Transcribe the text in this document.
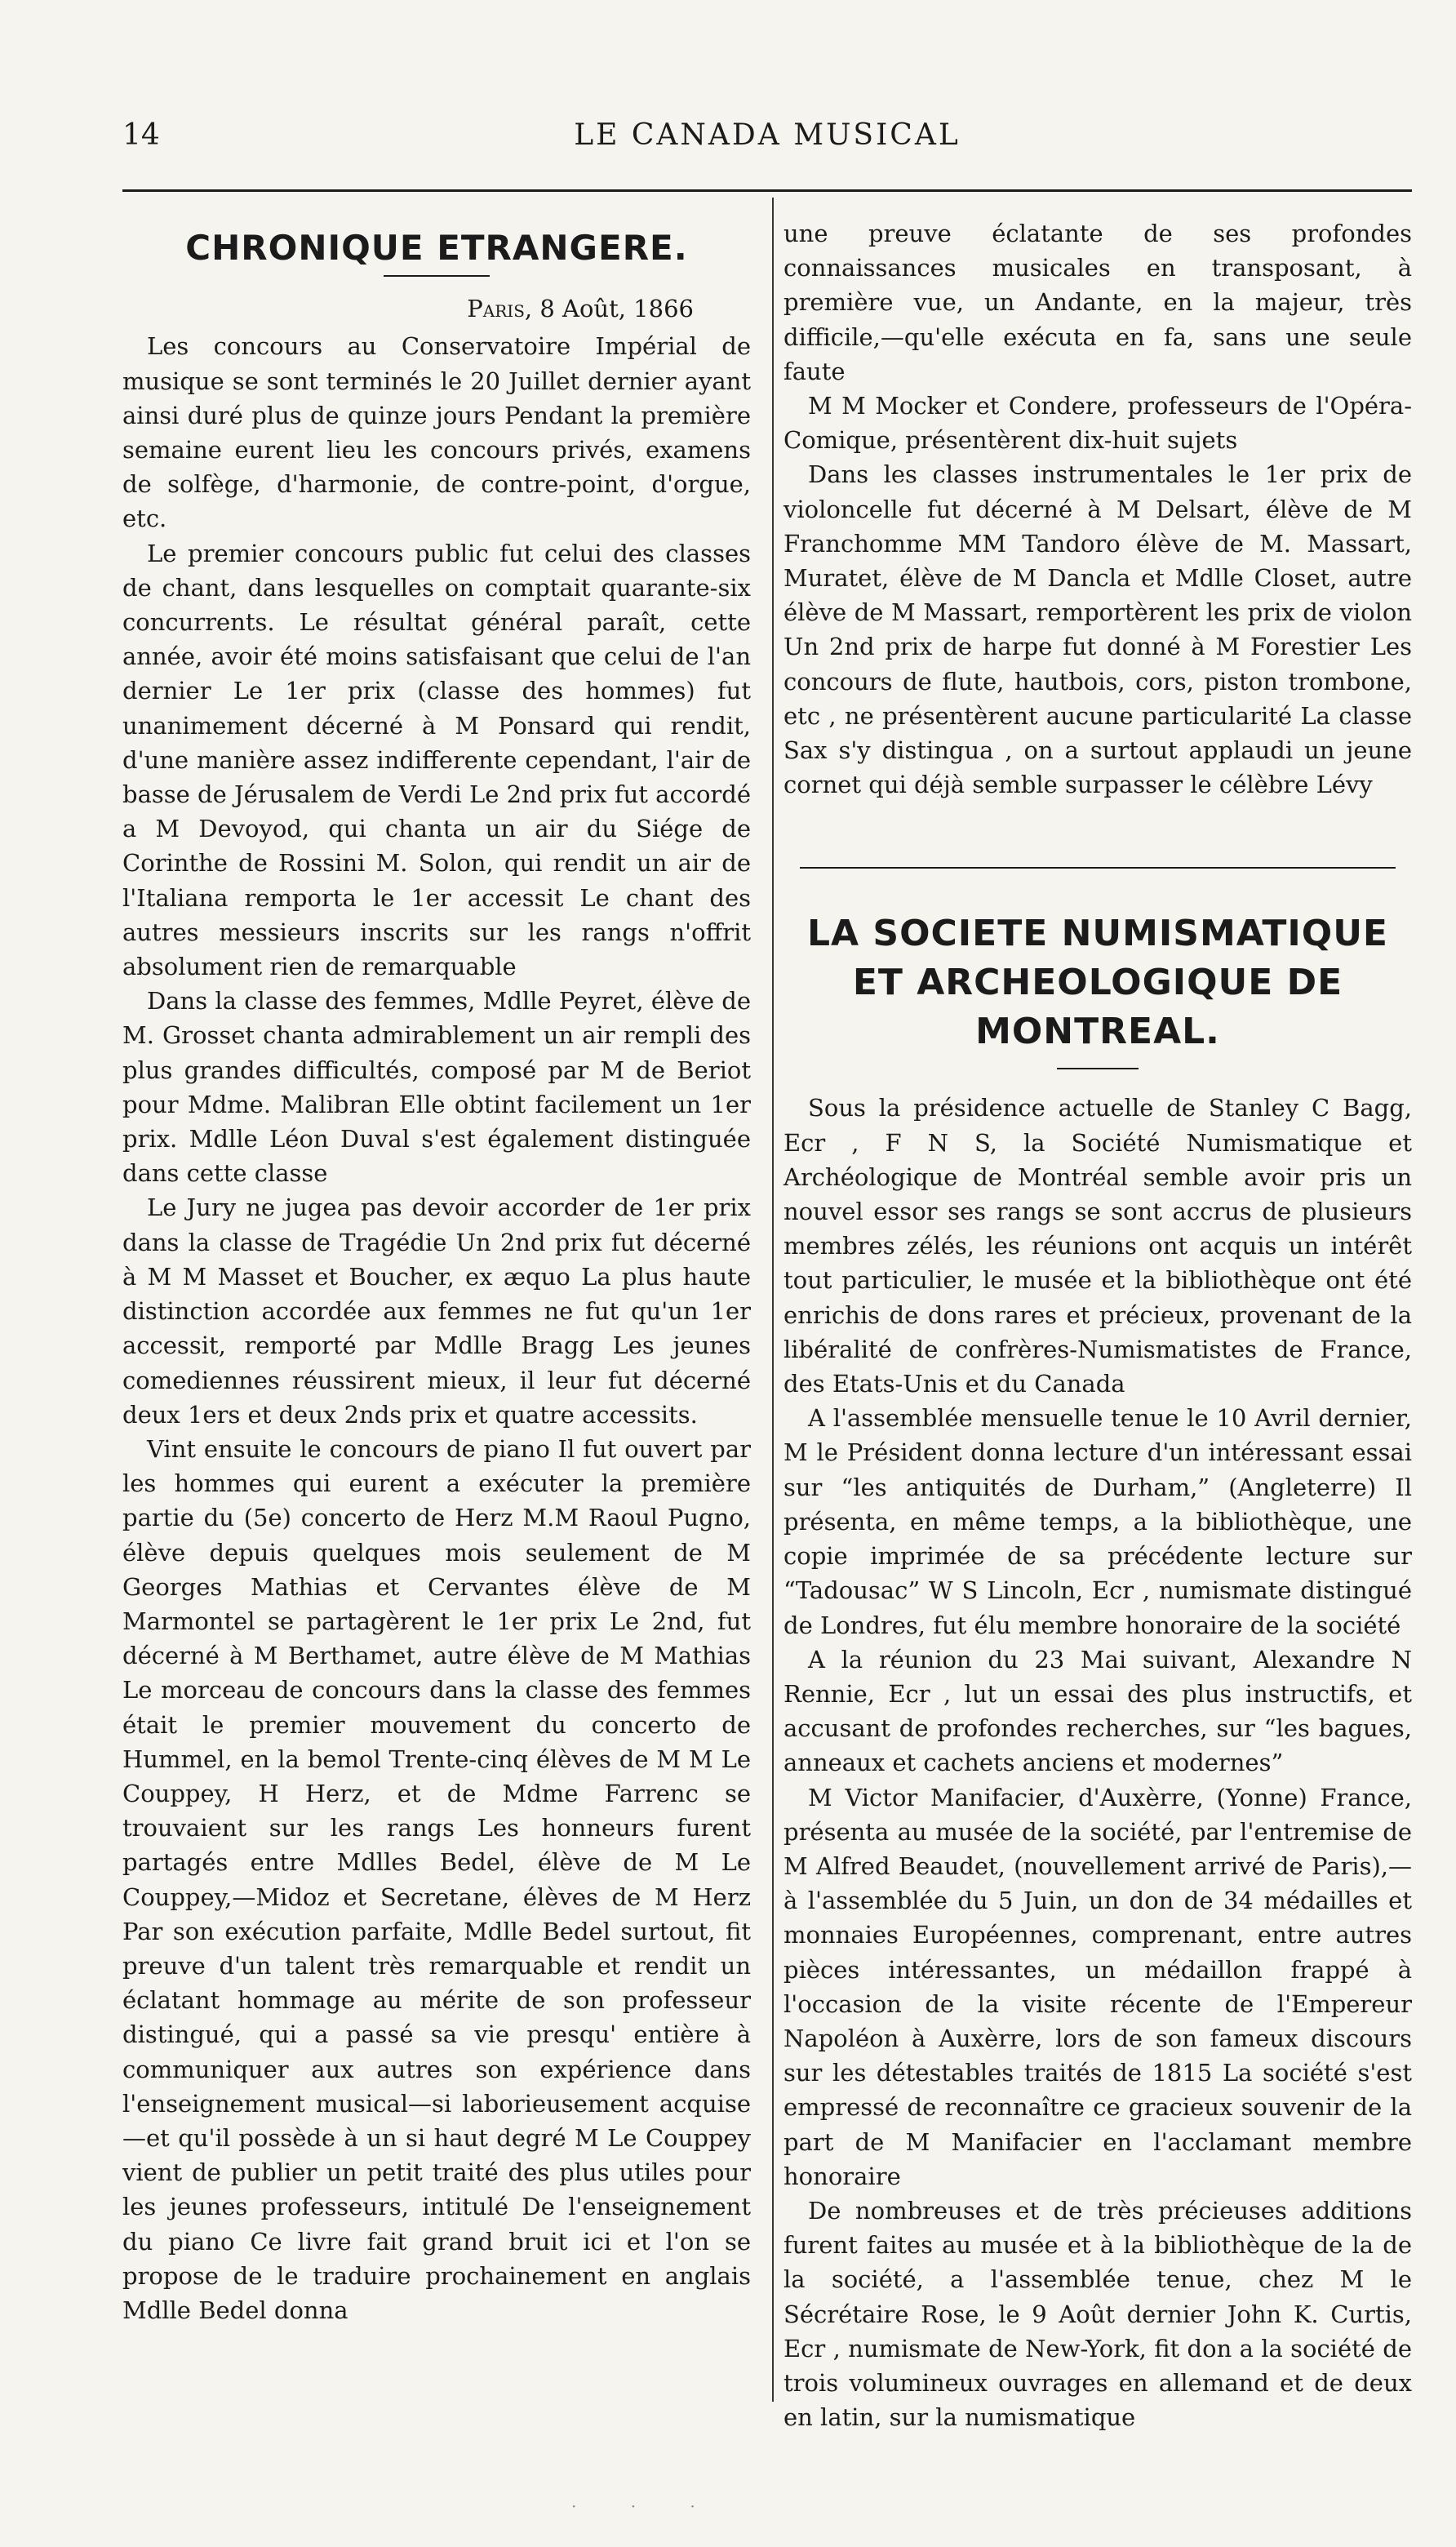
14	LE CANADA MUSICAL
CHRONIQUE ETRANGERE.
Paris, 8 Août, 1866

Les concours au Conservatoire Impérial de musique se sont terminés le 20 Juillet dernier ayant ainsi duré plus de quinze jours Pendant la première semaine eurent lieu les concours privés, examens de solfège, d'harmonie, de contre-point, d'orgue, etc.

Le premier concours public fut celui des classes de chant, dans lesquelles on comptait quarante-six concurrents. Le résultat général paraît, cette année, avoir été moins satisfaisant que celui de l'an dernier Le 1er prix (classe des hommes) fut unanimement décerné à M Ponsard qui rendit, d'une manière assez indifferente cependant, l'air de basse de Jérusalem de Verdi Le 2nd prix fut accordé a M Devoyod, qui chanta un air du Siége de Corinthe de Rossini M. Solon, qui rendit un air de l'Italiana remporta le 1er accessit Le chant des autres messieurs inscrits sur les rangs n'offrit absolument rien de remarquable

Dans la classe des femmes, Mdlle Peyret, élève de M. Grosset chanta admirablement un air rempli des plus grandes difficultés, composé par M de Beriot pour Mdme. Malibran Elle obtint facilement un 1er prix. Mdlle Léon Duval s'est également distinguée dans cette classe

Le Jury ne jugea pas devoir accorder de 1er prix dans la classe de Tragédie Un 2nd prix fut décerné à M M Masset et Boucher, ex æquo La plus haute distinction accordée aux femmes ne fut qu'un 1er accessit, remporté par Mdlle Bragg Les jeunes comediennes réussirent mieux, il leur fut décerné deux 1ers et deux 2nds prix et quatre accessits.

Vint ensuite le concours de piano Il fut ouvert par les hommes qui eurent a exécuter la première partie du (5e) concerto de Herz M.M Raoul Pugno, élève depuis quelques mois seulement de M Georges Mathias et Cervantes élève de M Marmontel se partagèrent le 1er prix Le 2nd, fut décerné à M Berthamet, autre élève de M Mathias Le morceau de concours dans la classe des femmes était le premier mouvement du concerto de Hummel, en la bemol Trente-cinq élèves de M M Le Couppey, H Herz, et de Mdme Farrenc se trouvaient sur les rangs Les honneurs furent partagés entre Mdlles Bedel, élève de M Le Couppey,—Midoz et Secretane, élèves de M Herz Par son exécution parfaite, Mdlle Bedel surtout, fit preuve d'un talent très remarquable et rendit un éclatant hommage au mérite de son professeur distingué, qui a passé sa vie presqu' entière à communiquer aux autres son expérience dans l'enseignement musical—si laborieusement acquise—et qu'il possède à un si haut degré M Le Couppey vient de publier un petit traité des plus utiles pour les jeunes professeurs, intitulé De l'enseignement du piano Ce livre fait grand bruit ici et l'on se propose de le traduire prochainement en anglais Mdlle Bedel donna

une preuve éclatante de ses profondes connaissances musicales en transposant, à première vue, un Andante, en la majeur, très difficile,—qu'elle exécuta en fa, sans une seule faute

M M Mocker et Condere, professeurs de l'Opéra-Comique, présentèrent dix-huit sujets

Dans les classes instrumentales le 1er prix de violoncelle fut décerné à M Delsart, élève de M Franchomme MM Tandoro élève de M. Massart, Muratet, élève de M Dancla et Mdlle Closet, autre élève de M Massart, remportèrent les prix de violon Un 2nd prix de harpe fut donné à M Forestier Les concours de flute, hautbois, cors, piston trombone, etc , ne présentèrent aucune particularité La classe Sax s'y distingua , on a surtout applaudi un jeune cornet qui déjà semble surpasser le célèbre Lévy

LA SOCIETE NUMISMATIQUE ET ARCHEOLOGIQUE DE MONTREAL.

Sous la présidence actuelle de Stanley C Bagg, Ecr , F N S, la Société Numismatique et Archéologique de Montréal semble avoir pris un nouvel essor ses rangs se sont accrus de plusieurs membres zélés, les réunions ont acquis un intérêt tout particulier, le musée et la bibliothèque ont été enrichis de dons rares et précieux, provenant de la libéralité de confrères-Numismatistes de France, des Etats-Unis et du Canada

A l'assemblée mensuelle tenue le 10 Avril dernier, M le Président donna lecture d'un intéressant essai sur “les antiquités de Durham,” (Angleterre) Il présenta, en même temps, a la bibliothèque, une copie imprimée de sa précédente lecture sur “Tadousac” W S Lincoln, Ecr , numismate distingué de Londres, fut élu membre honoraire de la société

A la réunion du 23 Mai suivant, Alexandre N Rennie, Ecr , lut un essai des plus instructifs, et accusant de profondes recherches, sur “les bagues, anneaux et cachets anciens et modernes”

M Victor Manifacier, d'Auxèrre, (Yonne) France, présenta au musée de la société, par l'entremise de M Alfred Beaudet, (nouvellement arrivé de Paris),—à l'assemblée du 5 Juin, un don de 34 médailles et monnaies Européennes, comprenant, entre autres pièces intéressantes, un médaillon frappé à l'occasion de la visite récente de l'Empereur Napoléon à Auxèrre, lors de son fameux discours sur les détestables traités de 1815 La société s'est empressé de reconnaître ce gracieux souvenir de la part de M Manifacier en l'acclamant membre honoraire

De nombreuses et de très précieuses additions furent faites au musée et à la bibliothèque de la de la société, a l'assemblée tenue, chez M le Sécrétaire Rose, le 9 Août dernier John K. Curtis, Ecr , numismate de New-York, fit don a la société de trois volumineux ouvrages en allemand et de deux en latin, sur la numismatique

· · ·
